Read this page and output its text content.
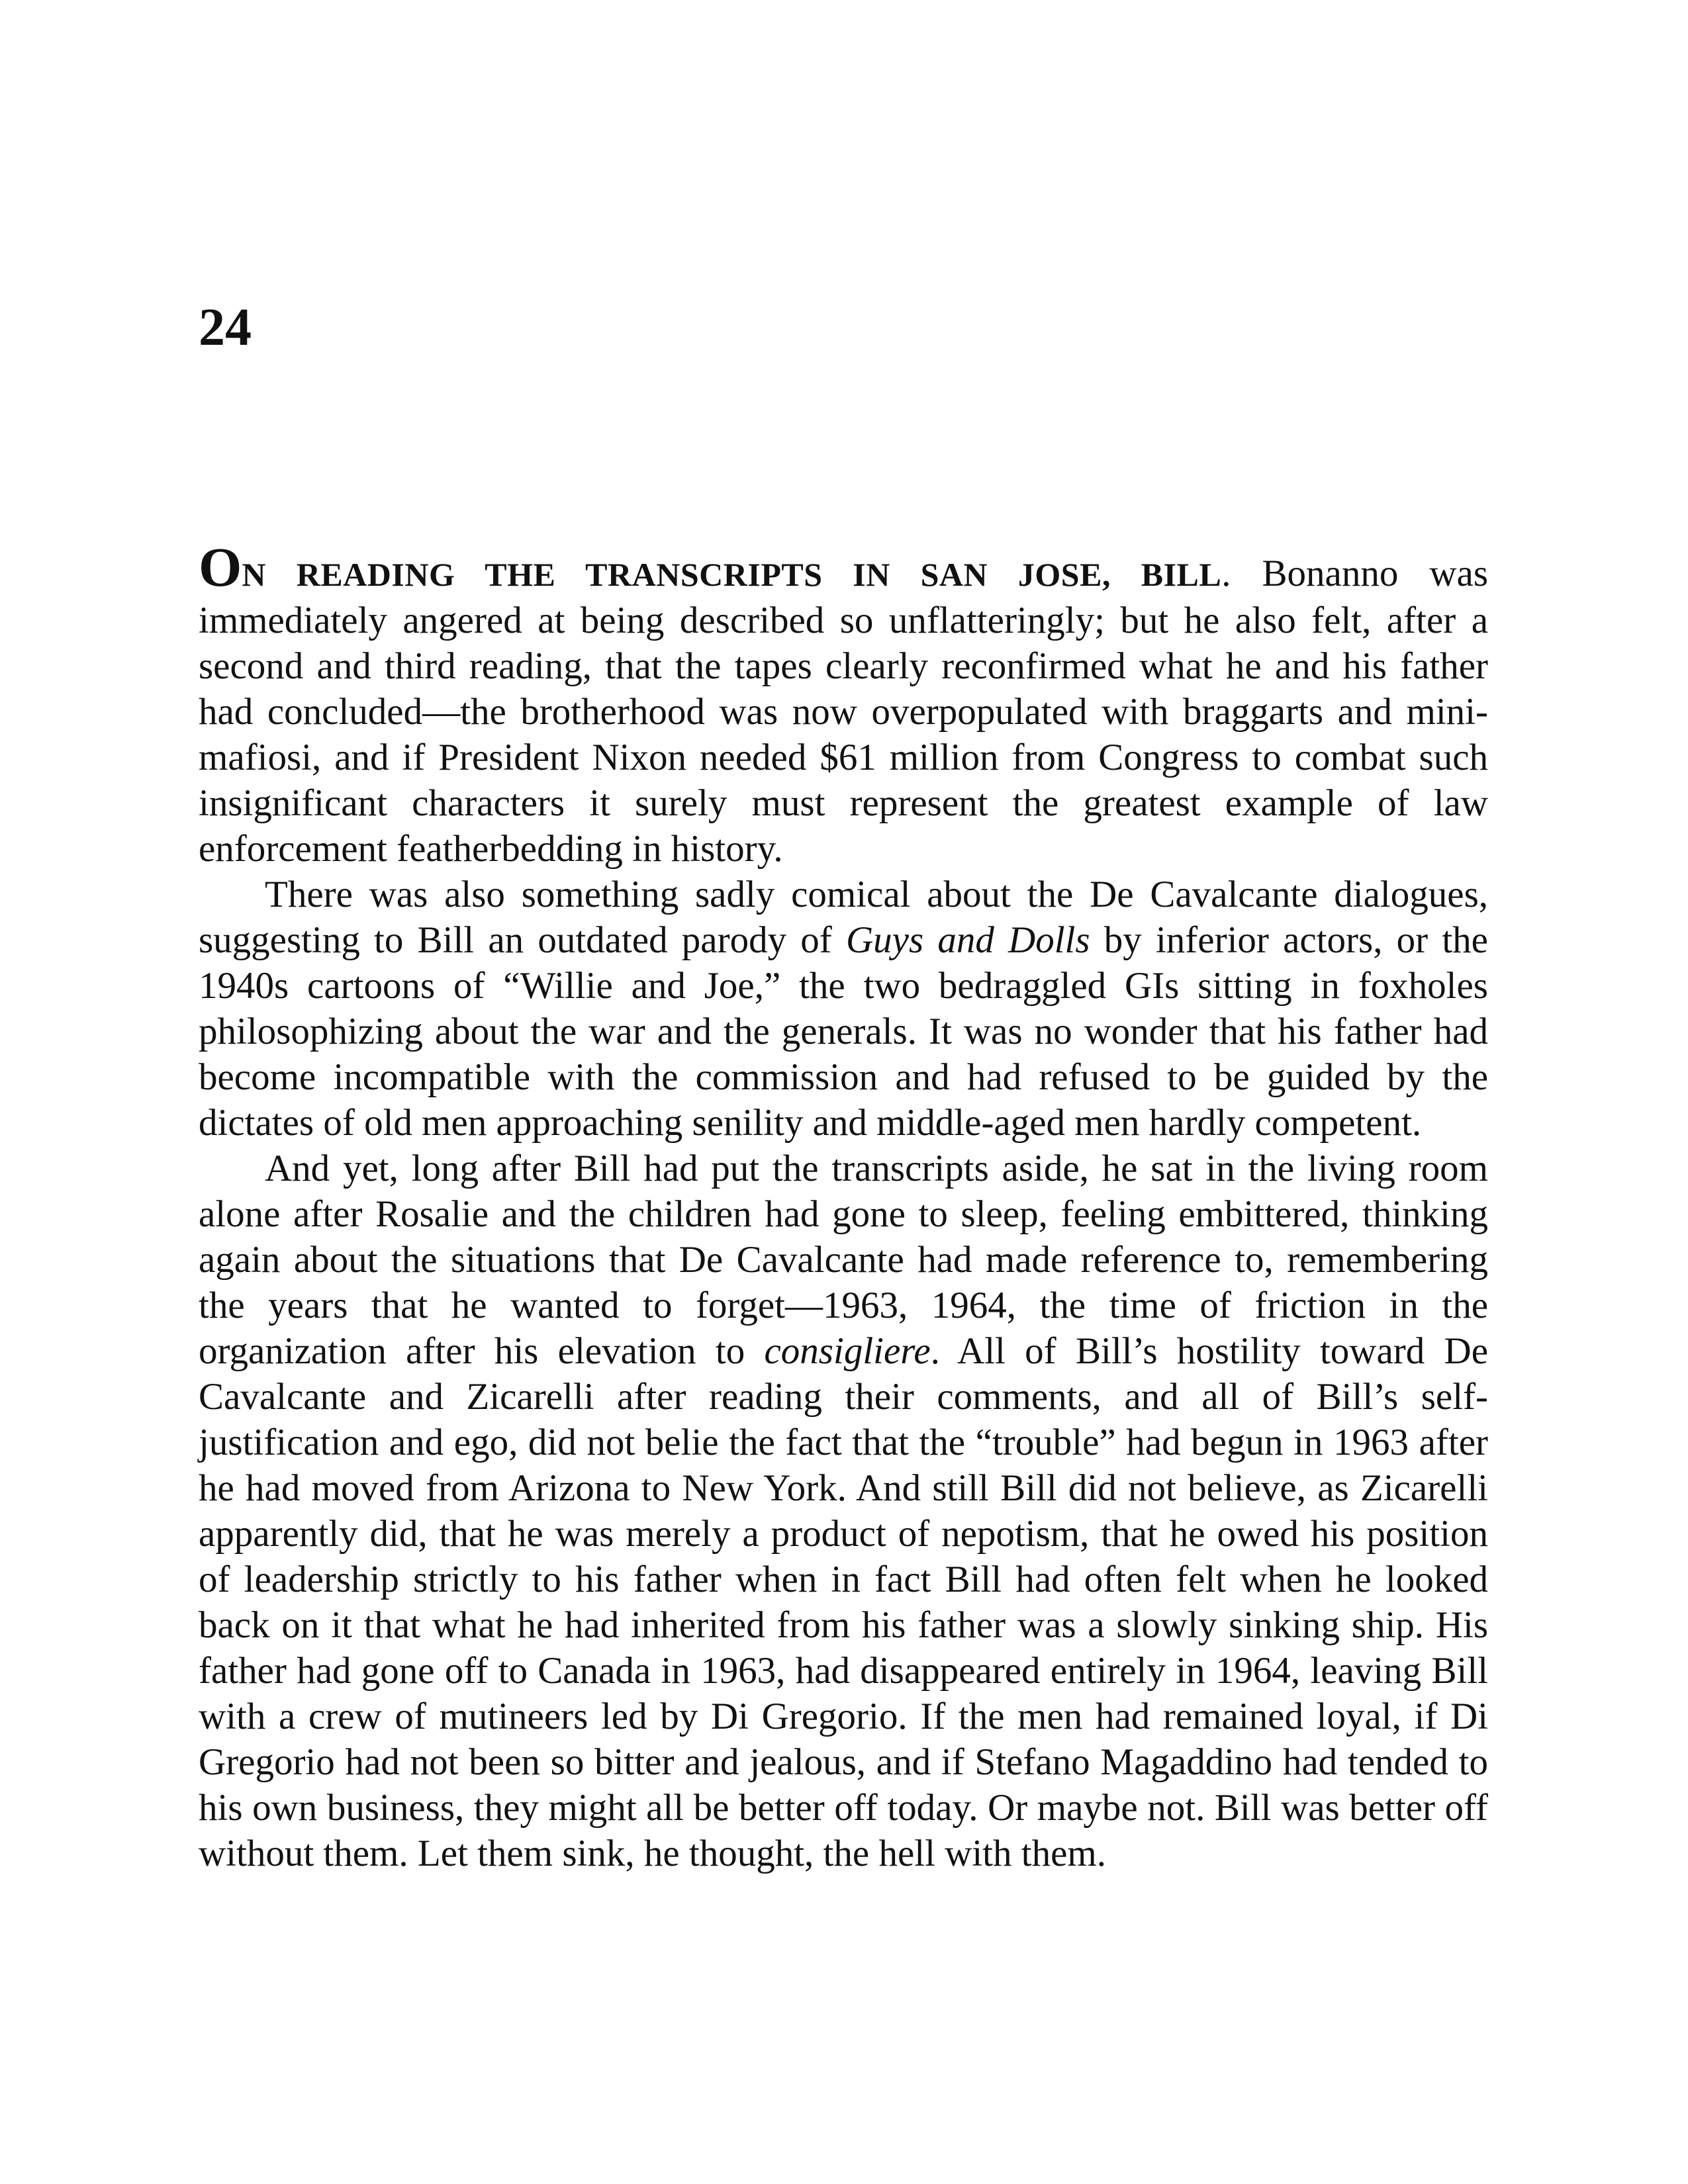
24

ON READING THE TRANSCRIPTS IN SAN JOSE, BILL. Bonanno was immediately angered at being described so unflatteringly; but he also felt, after a second and third reading, that the tapes clearly reconfirmed what he and his father had concluded—the brotherhood was now overpopulated with braggarts and mini-mafiosi, and if President Nixon needed $61 million from Congress to combat such insignificant characters it surely must represent the greatest example of law enforcement featherbedding in history.

There was also something sadly comical about the De Cavalcante dialogues, suggesting to Bill an outdated parody of Guys and Dolls by inferior actors, or the 1940s cartoons of “Willie and Joe,” the two bedraggled GIs sitting in foxholes philosophizing about the war and the generals. It was no wonder that his father had become incompatible with the commission and had refused to be guided by the dictates of old men approaching senility and middle-aged men hardly competent.

And yet, long after Bill had put the transcripts aside, he sat in the living room alone after Rosalie and the children had gone to sleep, feeling embittered, thinking again about the situations that De Cavalcante had made reference to, remembering the years that he wanted to forget—1963, 1964, the time of friction in the organization after his elevation to consigliere. All of Bill’s hostility toward De Cavalcante and Zicarelli after reading their comments, and all of Bill’s self-justification and ego, did not belie the fact that the “trouble” had begun in 1963 after he had moved from Arizona to New York. And still Bill did not believe, as Zicarelli apparently did, that he was merely a product of nepotism, that he owed his position of leadership strictly to his father when in fact Bill had often felt when he looked back on it that what he had inherited from his father was a slowly sinking ship. His father had gone off to Canada in 1963, had disappeared entirely in 1964, leaving Bill with a crew of mutineers led by Di Gregorio. If the men had remained loyal, if Di Gregorio had not been so bitter and jealous, and if Stefano Magaddino had tended to his own business, they might all be better off today. Or maybe not. Bill was better off without them. Let them sink, he thought, the hell with them.
